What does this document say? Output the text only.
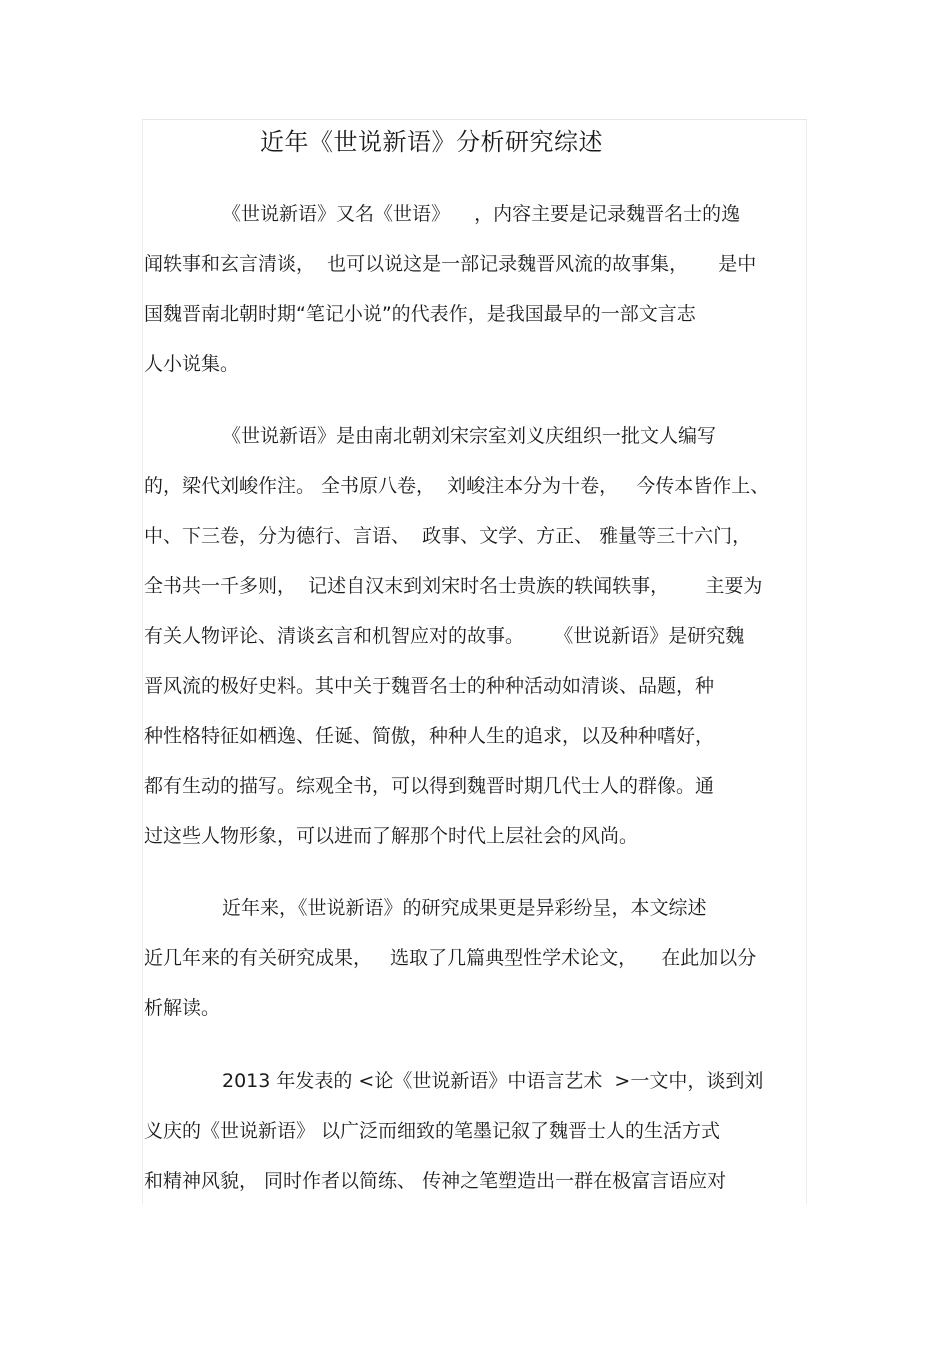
近年《世说新语》分析研究综述
《世说新语》又名《世语》    ，内容主要是记录魏晋名士的逸
闻轶事和玄言清谈，  也可以说这是一部记录魏晋风流的故事集，     是中
国魏晋南北朝时期“笔记小说”的代表作，是我国最早的一部文言志
人小说集。
《世说新语》是由南北朝刘宋宗室刘义庆组织一批文人编写
的，梁代刘峻作注。 全书原八卷，  刘峻注本分为十卷，   今传本皆作上、
中、下三卷，分为德行、言语、  政事、文学、方正、 雅量等三十六门，
全书共一千多则，  记述自汉末到刘宋时名士贵族的轶闻轶事，      主要为
有关人物评论、清谈玄言和机智应对的故事。     《世说新语》是研究魏
晋风流的极好史料。其中关于魏晋名士的种种活动如清谈、品题，种
种性格特征如栖逸、任诞、简傲，种种人生的追求，以及种种嗜好，
都有生动的描写。综观全书，可以得到魏晋时期几代士人的群像。通
过这些人物形象，可以进而了解那个时代上层社会的风尚。
近年来，《世说新语》的研究成果更是异彩纷呈，本文综述
近几年来的有关研究成果，   选取了几篇典型性学术论文，    在此加以分
析解读。
2013 年发表的 <论《世说新语》中语言艺术  >一文中，谈到刘
义庆的《世说新语》 以广泛而细致的笔墨记叙了魏晋士人的生活方式
和精神风貌， 同时作者以简练、 传神之笔塑造出一群在极富言语应对
